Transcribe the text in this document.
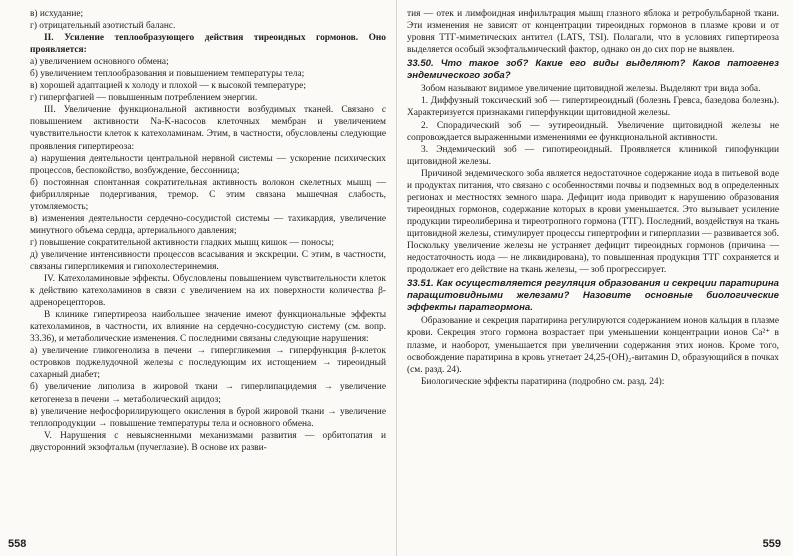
в) исхудание;

г) отрицательный азотистый баланс.

II. Усиление теплообразующего действия тиреоидных гормонов. Оно проявляется:

а) увеличением основного обмена;

б) увеличением теплообразования и повышением температуры тела;

в) хорошей адаптацией к холоду и плохой — к высокой температуре;

г) гипергфагией — повышенным потреблением энергии.

III. Увеличение функциональной активности возбудимых тканей. Связано с повышением активности Na-K-насосов клеточных мембран и увеличением чувствительности клеток к катехоламинам. Этим, в частности, обусловлены следующие проявления гипертиреоза:

а) нарушения деятельности центральной нервной системы — ускорение психических процессов, беспокойство, возбуждение, бессонница;

б) постоянная спонтанная сократительная активность волокон скелетных мышц — фибриллярные подергивания, тремор. С этим связана мышечная слабость, утомляемость;

в) изменения деятельности сердечно-сосудистой системы — тахикардия, увеличение минутного объема сердца, артериального давления;

г) повышение сократительной активности гладких мышц кишок — поносы;

д) увеличение интенсивности процессов всасывания и экскреции. С этим, в частности, связаны гипергликемия и гипохолестеринемия.

IV. Катехоламиновые эффекты. Обусловлены повышением чувствительности клеток к действию катехоламинов в связи с увеличением на их поверхности количества β-адренорецепторов.

В клинике гипертиреоза наибольшее значение имеют функциональные эффекты катехоламинов, в частности, их влияние на сердечно-сосудистую систему (см. вопр. 33.36), и метаболические изменения. С последними связаны следующие нарушения:

а) увеличение гликогенолиза в печени → гипергликемия → гиперфункция β-клеток островков поджелудочной железы с последующим их истощением → тиреоидный сахарный диабет;

б) увеличение липолиза в жировой ткани → гиперлипацидемия → увеличение кетогенеза в печени → метаболический ацидоз;

в) увеличение нефосфорилирующего окисления в бурой жировой ткани → увеличение теплопродукции → повышение температуры тела и основного обмена.

V. Нарушения с невыясненными механизмами развития — орбитопатия и двусторонний экзофтальм (пучеглазие). В основе их разви-

558

тия — отек и лимфоидная инфильтрация мышц глазного яблока и ретробульбарной ткани. Эти изменения не зависят от концентрации тиреоидных гормонов в плазме крови и от уровня ТТГ-миметических антител (LATS, TSI). Полагали, что в условиях гипертиреоза выделяется особый экзофтальмический фактор, однако он до сих пор не выявлен.

33.50. Что такое зоб? Какие его виды выделяют? Каков патогенез эндемического зоба?

Зобом называют видимое увеличение щитовидной железы. Выделяют три вида зоба.

1. Диффузный токсический зоб — гипертиреоидный (болезнь Гревса, базедова болезнь). Характеризуется признаками гиперфункции щитовидной железы.

2. Спорадический зоб — эутиреоидный. Увеличение щитовидной железы не сопровождается выраженными изменениями ее функциональной активности.

3. Эндемический зоб — гипотиреоидный. Проявляется клиникой гипофункции щитовидной железы.

Причиной эндемического зоба является недостаточное содержание иода в питьевой воде и продуктах питания, что связано с особенностями почвы и подземных вод в определенных регионах и местностях земного шара. Дефицит иода приводит к нарушению образования тиреоидных гормонов, содержание которых в крови уменьшается. Это вызывает усиление продукции тиреолиберина и тиреотропного гормона (ТТГ). Последний, воздействуя на ткань щитовидной железы, стимулирует процессы гипертрофии и гиперплазии — развивается зоб. Поскольку увеличение железы не устраняет дефицит тиреоидных гормонов (причина — недостаточность иода — не ликвидирована), то повышенная продукция ТТГ сохраняется и продолжает его действие на ткань железы, — зоб прогрессирует.

33.51. Как осуществляется регуляция образования и секреции паратирина паращитовидными железами? Назовите основные биологические эффекты паратгормона.

Образование и секреция паратирина регулируются содержанием ионов кальция в плазме крови. Секреция этого гормона возрастает при уменьшении концентрации ионов Ca²⁺ в плазме, и наоборот, уменьшается при увеличении содержания этих ионов. Кроме того, освобождение паратирина в кровь угнетает 24,25-(OH)₂-витамин D, образующийся в почках (см. разд. 24).

Биологические эффекты паратирина (подробно см. разд. 24):

559
